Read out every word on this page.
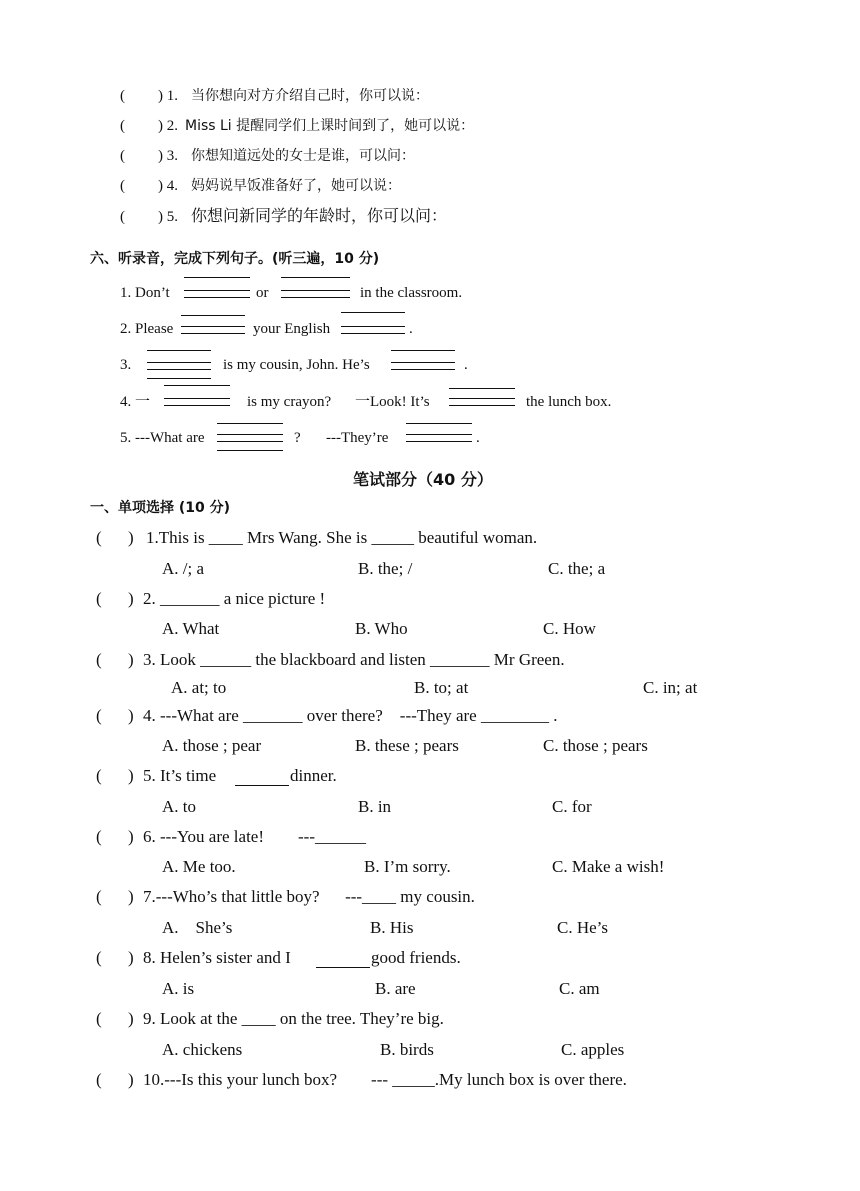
( ) 1. 当你想向对方介绍自己时，你可以说：
( ) 2. Miss Li 提醒同学们上课时间到了，她可以说：
( ) 3. 你想知道远处的女士是谁，可以问：
( ) 4. 妈妈说早饭准备好了，她可以说：
( ) 5. 你想问新同学的年龄时，你可以问：
六、听录音，完成下列句子。(听三遍，10 分)
1. Don’t	or	in the classroom.
2. Please	your English	.
3.	is my cousin, John. He’s	.
4. 一	is my crayon? 一Look! It’s	the lunch box.
5. ---What are	? ---They’re	.
笔试部分（40 分）
一、单项选择 (10 分)
( ) 1.This is ____ Mrs Wang. She is _____ beautiful woman.
A. /; a	B. the; /	C. the; a
( ) 2. _______ a nice picture !
A. What	B. Who	C. How
( ) 3. Look ______ the blackboard and listen _______ Mr Green.
A. at; to	B. to; at	C. in; at
( ) 4. ---What are _______ over there?    ---They are ________ .
A. those ; pear	B. these ; pears	C. those ; pears
( ) 5. It’s time	dinner.
A. to	B. in	C. for
( ) 6. ---You are late!        ---______
A. Me too.	B. I’m sorry.	C. Make a wish!
( ) 7.---Who’s that little boy?      ---____ my cousin.
A.    She’s	B. His	C. He’s
( ) 8. Helen’s sister and I	good friends.
A. is	B. are	C. am
( ) 9. Look at the ____ on the tree. They’re big.
A. chickens	B. birds	C. apples
( ) 10.---Is this your lunch box?        --- _____.My lunch box is over there.
